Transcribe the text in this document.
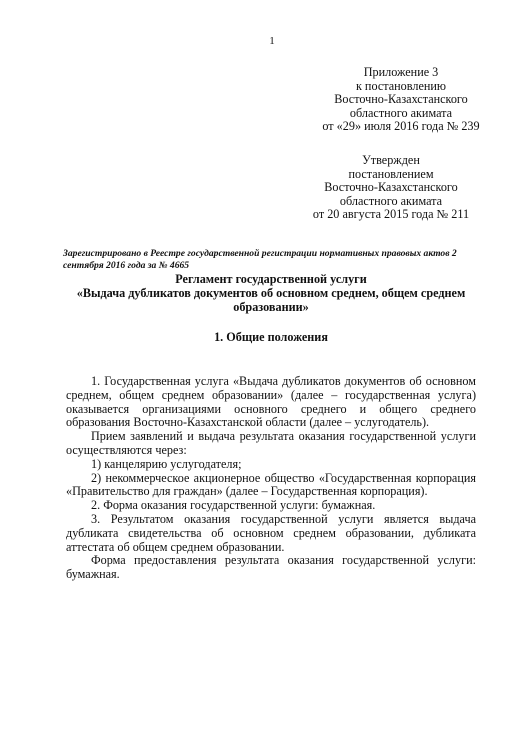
1
Приложение 3
к постановлению
Восточно-Казахстанского
областного акимата
от «29» июля 2016 года № 239
Утвержден
постановлением
Восточно-Казахстанского
областного акимата
от 20 августа 2015 года № 211
Зарегистрировано в Реестре государственной регистрации нормативных правовых актов 2 сентября 2016 года за № 4665
Регламент государственной услуги
«Выдача дубликатов документов об основном среднем, общем среднем образовании»
1. Общие положения

1. Государственная услуга «Выдача дубликатов документов об основном среднем, общем среднем образовании» (далее – государственная услуга) оказывается организациями основного среднего и общего среднего образования Восточно-Казахстанской области (далее – услугодатель).

Прием заявлений и выдача результата оказания государственной услуги осуществляются через:

1) канцелярию услугодателя;

2) некоммерческое акционерное общество «Государственная корпорация «Правительство для граждан» (далее – Государственная корпорация).

2. Форма оказания государственной услуги: бумажная.

3. Результатом оказания государственной услуги является выдача дубликата свидетельства об основном среднем образовании, дубликата аттестата об общем среднем образовании.

Форма предоставления результата оказания государственной услуги: бумажная.
